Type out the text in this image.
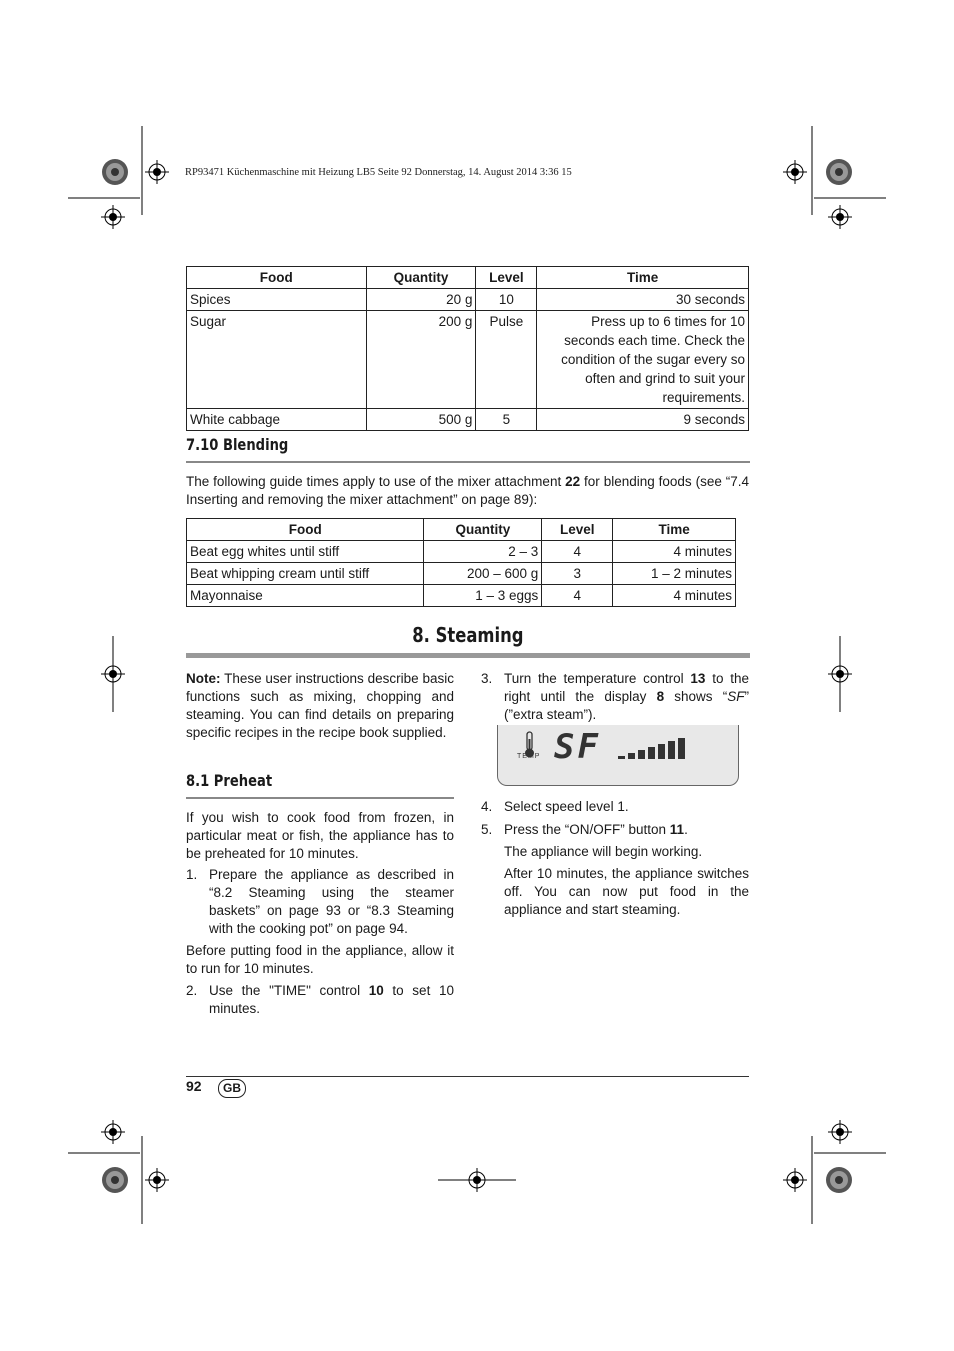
RP93471 Küchenmaschine mit Heizung LB5 Seite 92 Donnerstag, 14. August 2014 3:36 15
Food	Quantity	Level	Time
Spices	20 g	10	30 seconds
Sugar	200 g	Pulse	Press up to 6 times for 10
seconds each time. Check the
condition of the sugar every so
often and grind to suit your
requirements.

White cabbage	500 g	5	9 seconds
7.10 Blending
The following guide times apply to use of the mixer attachment 22 for blending foods (see “7.4 Inserting and removing the mixer attachment” on page 89):
Food	Quantity	Level	Time
Beat egg whites until stiff	2 – 3	4	4 minutes
Beat whipping cream until stiff	200 – 600 g	3	1 – 2 minutes
Mayonnaise	1 – 3 eggs	4	4 minutes
8. Steaming
Note: These user instructions describe basic functions such as mixing, chopping and steaming. You can find details on preparing specific recipes in the recipe book supplied.
8.1 Preheat
If you wish to cook food from frozen, in particular meat or fish, the appliance has to be preheated for 10 minutes.
1. Prepare the appliance as described in “8.2 Steaming using the steamer baskets” on page 93 or “8.3 Steaming with the cooking pot” on page 94.
Before putting food in the appliance, allow it to run for 10 minutes.
2. Use the "TIME" control 10 to set 10 minutes.
3. Turn the temperature control 13 to the right until the display 8 shows “SF” (”extra steam”).
TEMP SF
4. Select speed level 1.
5. Press the “ON/OFF” button 11.
The appliance will begin working.
After 10 minutes, the appliance switches off. You can now put food in the appliance and start steaming.
92	GB
